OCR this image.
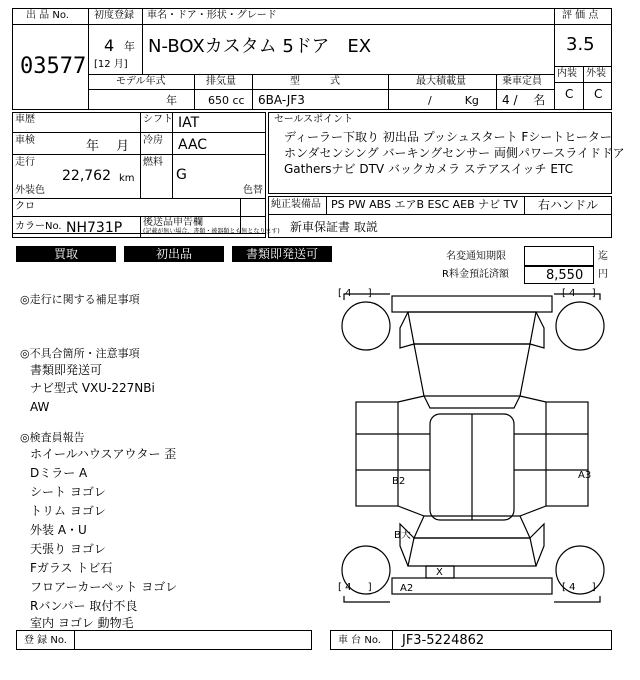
出 品 No.
03577
初度登録
4 年
[12 月]
車名・ドア・形状・グレード
N-BOXカスタム 5ドア　EX
評 価 点
3.5
内装 外装
C C
モデル年式
年
排気量
650 cc
型　　　式
6BA-JF3
最大積載量
/　　　Kg
乗車定員
4 /　 名
車歴	シフト IAT
車検	年　 月 冷房 AAC
走行
22,762 km
燃料
G
外装色
クロ
色替
カラーNo. NH731P 後送品申告欄
(記載が無い場合、書類・被器類とも無となります)
セールスポイント
ディーラー下取り 初出品 プッシュスタート Fシートヒーター
ホンダセンシング バーキングセンサー 両側パワースライドドア
Gathersナビ DTV バックカメラ ステアスイッチ ETC
純正装備品 PS PW ABS エアB ESC AEB ナビ TV 右ハンドル
新車保証書 取説
買取	初出品	書類即発送可	名変通知期限	迄
R料金預託済額	8,550 円
◎走行に関する補足事項
◎不具合箇所・注意事項
書類即発送可
ナビ型式 VXU-227NBi
AW
◎検査員報告
ホイールハウスアウター 歪
Dミラー A
シート ヨゴレ
トリム ヨゴレ
外装 A・U
天張り ヨゴレ
Fガラス トビ石
フロアーカーペット ヨゴレ
Rバンパー 取付不良
室内 ヨゴレ 動物毛
[ 4 　 ]	[ 4 　 ]
[ 4 　 ]	[ 4 　 ]
B2
B大
A3
X
A2
登 録 No.	車 台 No. JF3-5224862
